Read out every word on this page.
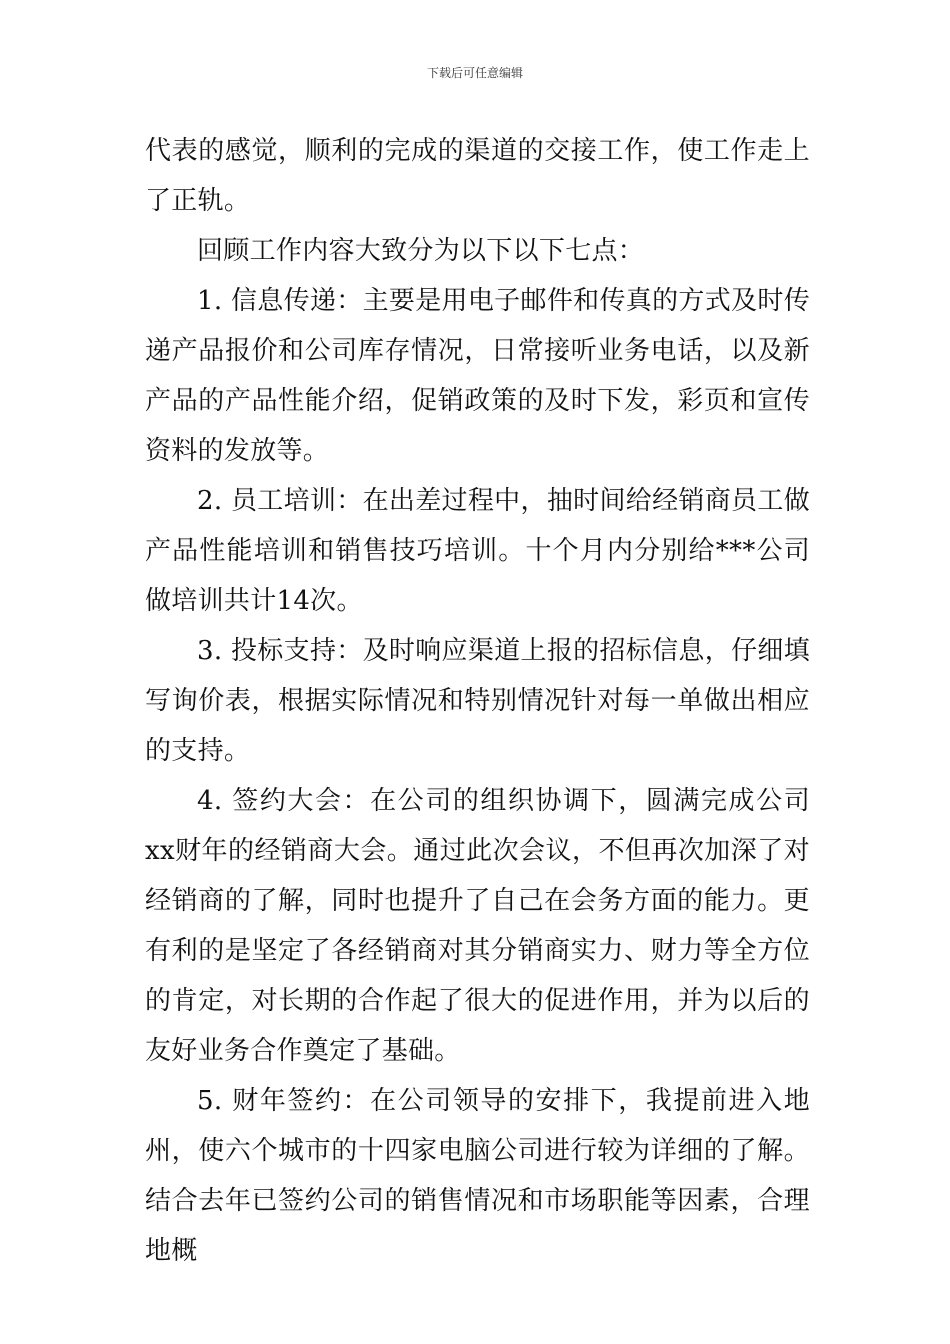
下载后可任意编辑

代表的感觉，顺利的完成的渠道的交接工作，使工作走上了正轨。

回顾工作内容大致分为以下以下七点：

1. 信息传递：主要是用电子邮件和传真的方式及时传递产品报价和公司库存情况，日常接听业务电话，以及新产品的产品性能介绍，促销政策的及时下发，彩页和宣传资料的发放等。

2. 员工培训：在出差过程中，抽时间给经销商员工做产品性能培训和销售技巧培训。十个月内分别给***公司做培训共计14次。

3. 投标支持：及时响应渠道上报的招标信息，仔细填写询价表，根据实际情况和特别情况针对每一单做出相应的支持。

4. 签约大会：在公司的组织协调下，圆满完成公司xx财年的经销商大会。通过此次会议，不但再次加深了对经销商的了解，同时也提升了自己在会务方面的能力。更有利的是坚定了各经销商对其分销商实力、财力等全方位的肯定，对长期的合作起了很大的促进作用，并为以后的友好业务合作奠定了基础。

5. 财年签约：在公司领导的安排下，我提前进入地州，使六个城市的十四家电脑公司进行较为详细的了解。结合去年已签约公司的销售情况和市场职能等因素，合理地概
